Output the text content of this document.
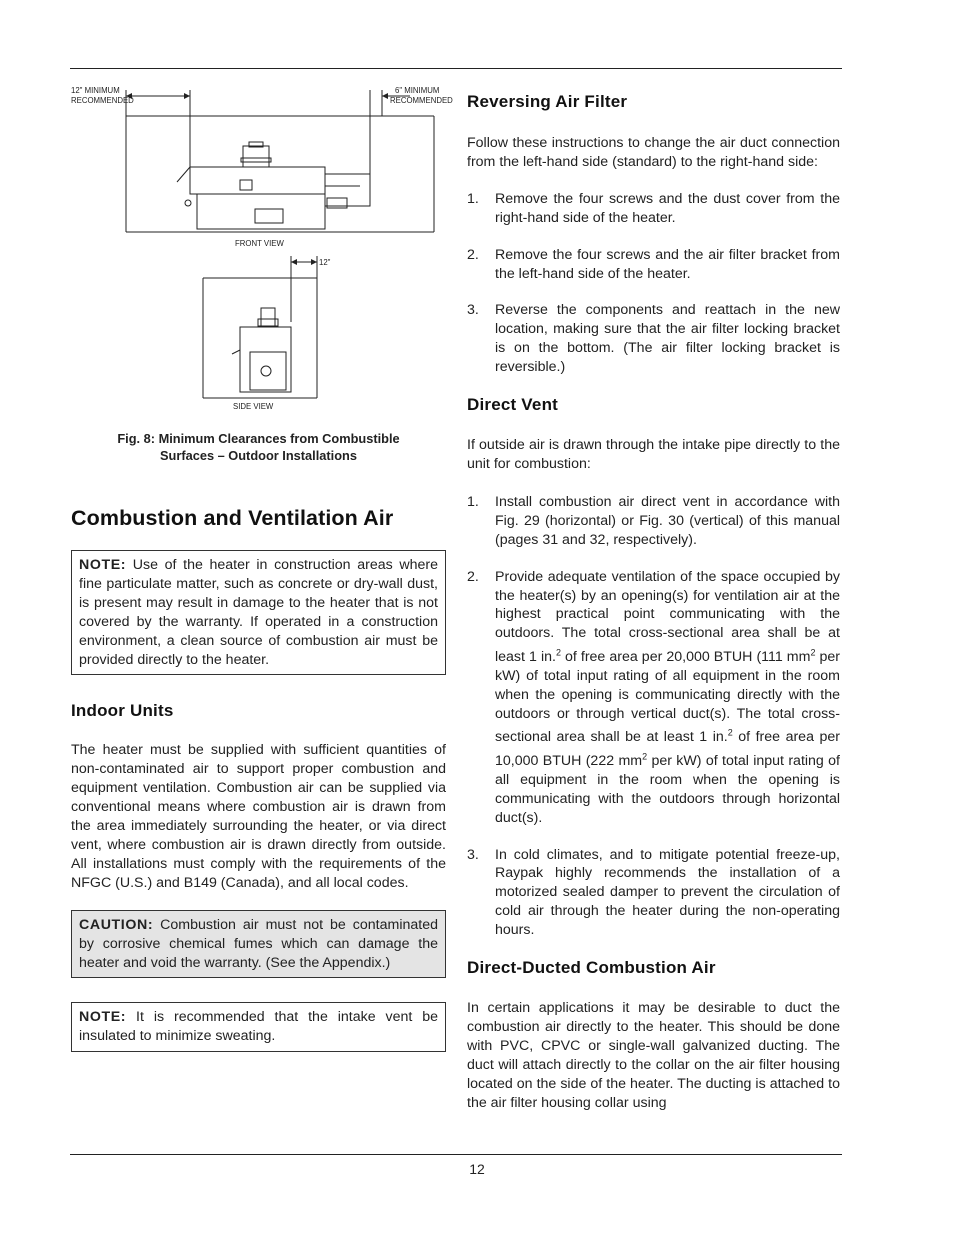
12" MINIMUM
RECOMMENDED
6" MINIMUM
RECOMMENDED
FRONT VIEW
12"
SIDE VIEW
Fig. 8: Minimum Clearances from Combustible
Surfaces – Outdoor Installations
Combustion and Ventilation Air

NOTE: Use of the heater in construction areas where fine particulate matter, such as concrete or dry-wall dust, is present may result in damage to the heater that is not covered by the warranty. If operated in a construction environment, a clean source of combustion air must be provided directly to the heater.

Indoor Units

The heater must be supplied with sufficient quantities of non-contaminated air to support proper combustion and equipment ventilation. Combustion air can be supplied via conventional means where combustion air is drawn from the area immediately surrounding the heater, or via direct vent, where combustion air is drawn directly from outside. All installations must comply with the requirements of the NFGC (U.S.) and B149 (Canada), and all local codes.

CAUTION: Combustion air must not be contaminated by corrosive chemical fumes which can damage the heater and void the warranty. (See the Appendix.)

NOTE: It is recommended that the intake vent be insulated to minimize sweating.

Reversing Air Filter

Follow these instructions to change the air duct connection from the left-hand side (standard) to the right-hand side:

1. Remove the four screws and the dust cover from the right-hand side of the heater.
2. Remove the four screws and the air filter bracket from the left-hand side of the heater.
3. Reverse the components and reattach in the new location, making sure that the air filter locking bracket is on the bottom. (The air filter locking bracket is reversible.)
Direct Vent

If outside air is drawn through the intake pipe directly to the unit for combustion:

1. Install combustion air direct vent in accordance with Fig. 29 (horizontal) or Fig. 30 (vertical) of this manual (pages 31 and 32, respectively).
2. Provide adequate ventilation of the space occupied by the heater(s) by an opening(s) for ventilation air at the highest practical point communicating with the outdoors. The total cross-sectional area shall be at least 1 in.$^2$ of free area per 20,000 BTUH (111 $mm^2$ per kW) of total input rating of all equipment in the room when the opening is communicating directly with the outdoors or through vertical duct(s). The total cross-sectional area shall be at least 1 in.$^2$ of free area per 10,000 BTUH (222 $mm^2$ per kW) of total input rating of all equipment in the room when the opening is communicating with the outdoors through horizontal duct(s).
3. In cold climates, and to mitigate potential freeze-up, Raypak highly recommends the installation of a motorized sealed damper to prevent the circulation of cold air through the heater during the non-operating hours.
Direct-Ducted Combustion Air

In certain applications it may be desirable to duct the combustion air directly to the heater. This should be done with PVC, CPVC or single-wall galvanized ducting. The duct will attach directly to the collar on the air filter housing located on the side of the heater. The ducting is attached to the air filter housing collar using

12
